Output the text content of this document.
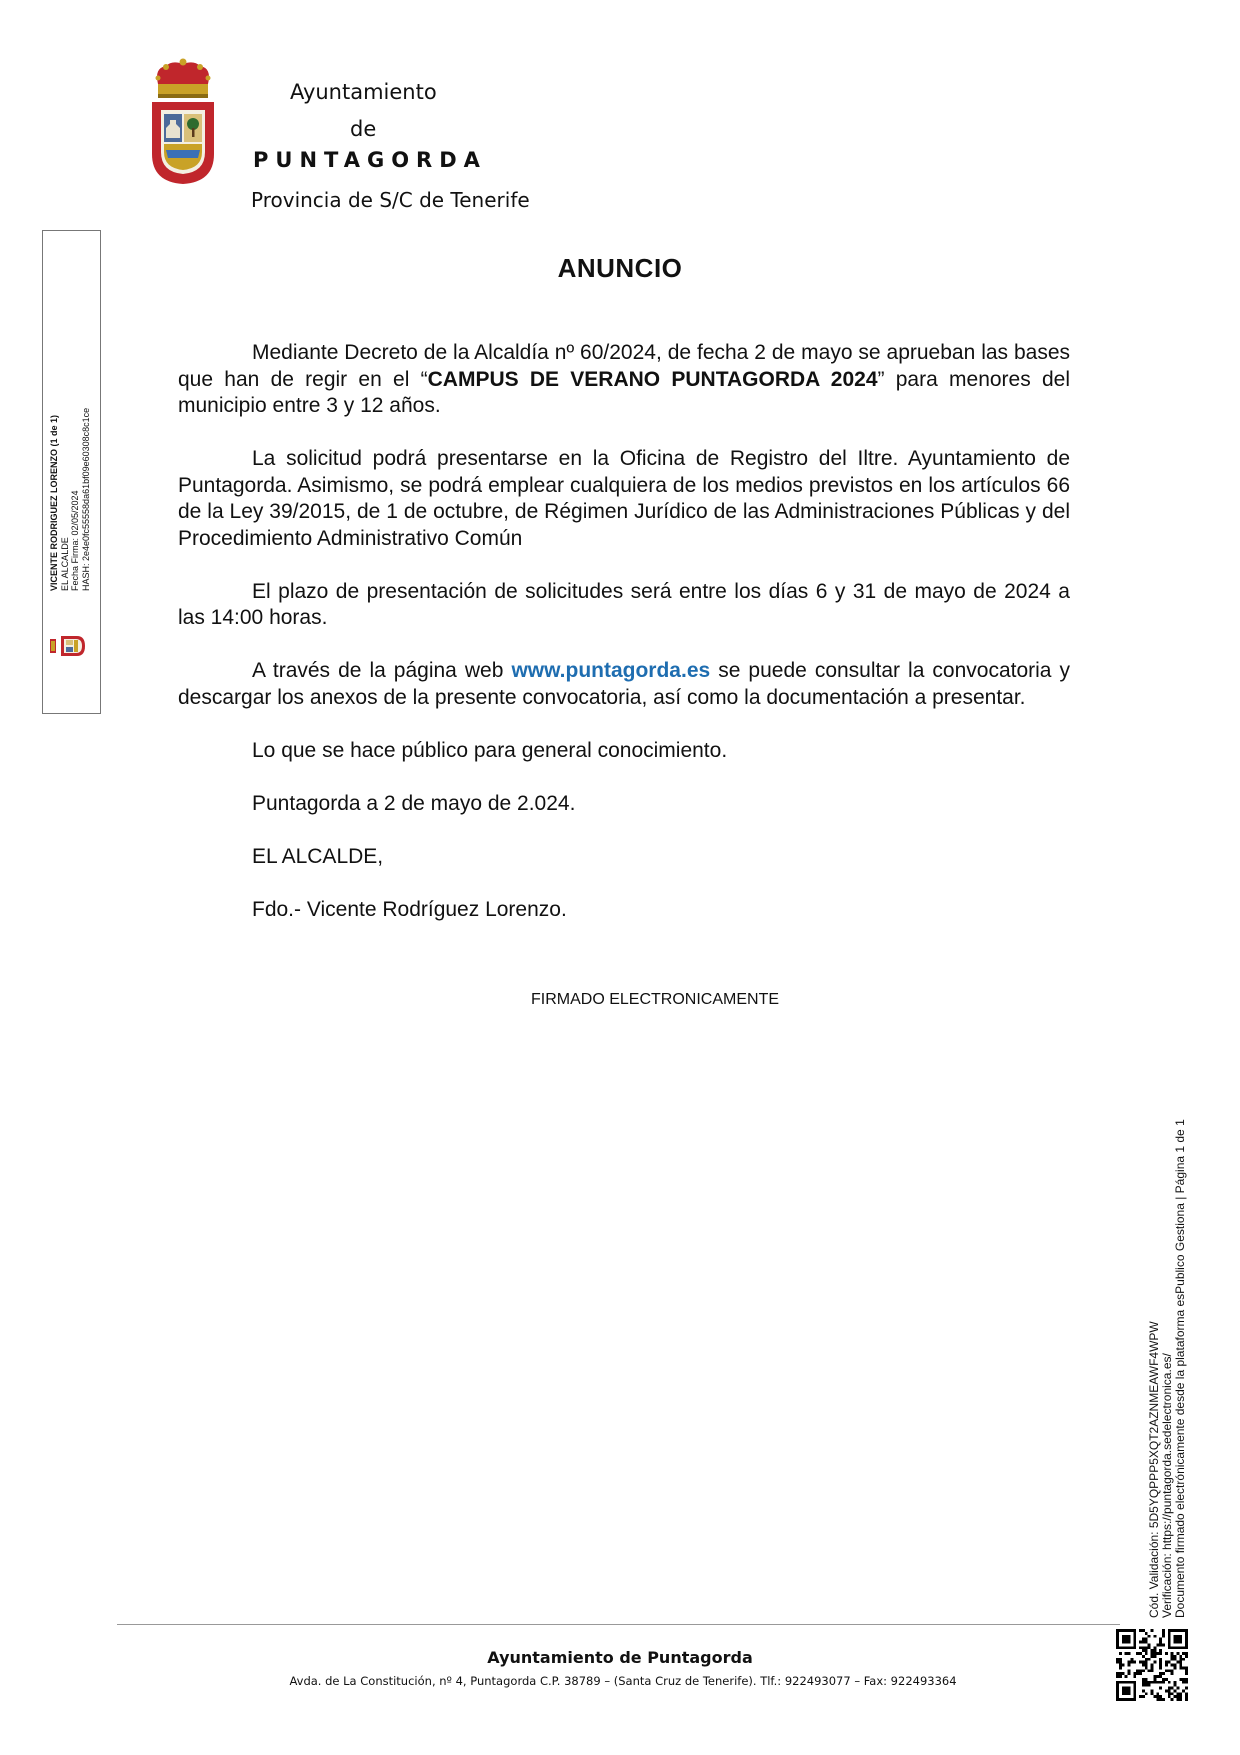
Ayuntamiento
de
PUNTAGORDA
Provincia de S/C de Tenerife
VICENTE RODRIGUEZ LORENZO (1 de 1) EL ALCALDE Fecha Firma: 02/05/2024 HASH: 2e4e0fc55558da61bf09e60308c8c1ce
ANUNCIO

Mediante Decreto de la Alcaldía nº 60/2024, de fecha 2 de mayo se aprueban las bases que han de regir en el “CAMPUS DE VERANO PUNTAGORDA 2024” para menores del municipio entre 3 y 12 años.

La solicitud podrá presentarse en la Oficina de Registro del Iltre. Ayuntamiento de Puntagorda. Asimismo, se podrá emplear cualquiera de los medios previstos en los artículos 66 de la Ley 39/2015, de 1 de octubre, de Régimen Jurídico de las Administraciones Públicas y del Procedimiento Administrativo Común

El plazo de presentación de solicitudes será entre los días 6 y 31 de mayo de 2024 a las 14:00 horas.

A través de la página web www.puntagorda.es se puede consultar la convocatoria y descargar los anexos de la presente convocatoria, así como la documentación a presentar.

Lo que se hace público para general conocimiento.

Puntagorda a 2 de mayo de 2.024.

EL ALCALDE,

Fdo.- Vicente Rodríguez Lorenzo.

FIRMADO ELECTRONICAMENTE
Cód. Validación: 5D5YQPPP5XQT2AZNMEAWF4WPW Verificación: https://puntagorda.sedelectronica.es/ Documento firmado electrónicamente desde la plataforma esPublico Gestiona | Página 1 de 1
Ayuntamiento de Puntagorda
Avda. de La Constitución, nº 4, Puntagorda C.P. 38789 – (Santa Cruz de Tenerife). Tlf.: 922493077 – Fax: 922493364
